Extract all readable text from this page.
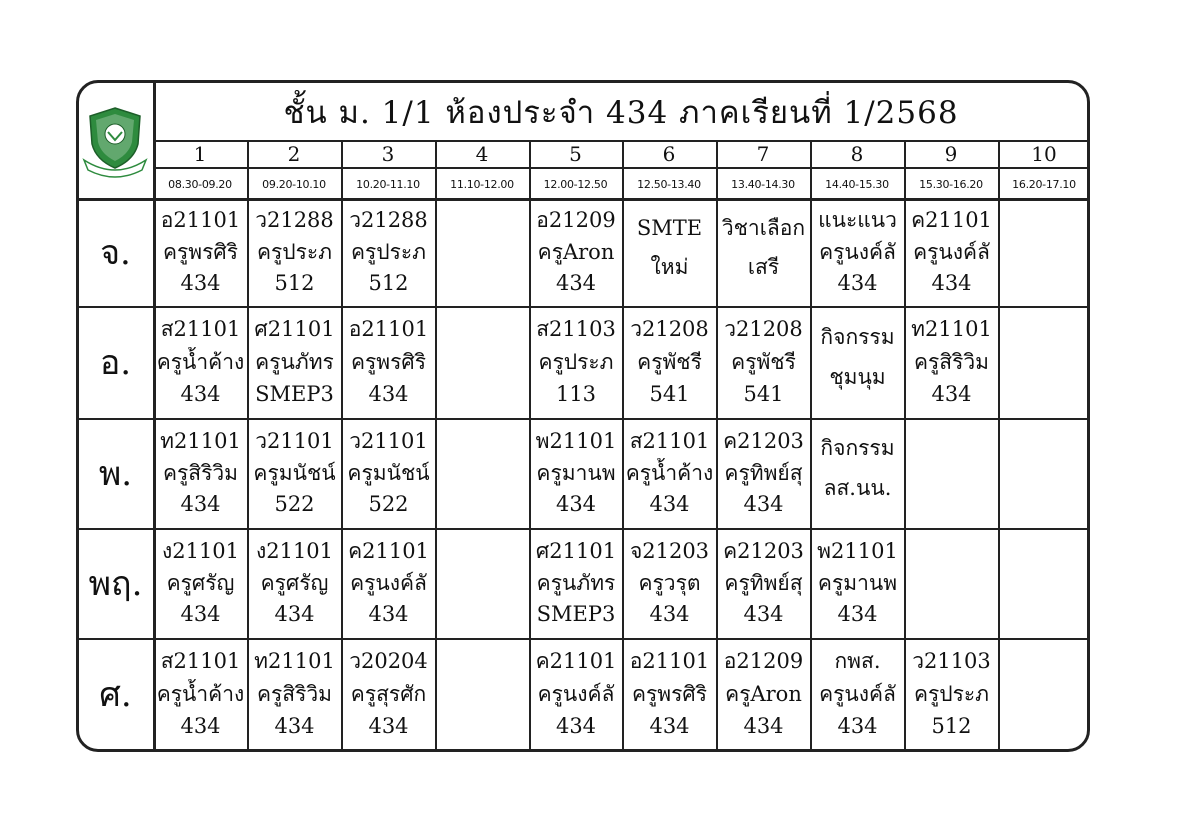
ชั้น ม. 1/1 ห้องประจำ 434 ภาคเรียนที่ 1/2568
1
08.30-09.20
2
09.20-10.10
3
10.20-11.10
4
11.10-12.00
5
12.00-12.50
6
12.50-13.40
7
13.40-14.30
8
14.40-15.30
9
15.30-16.20
10
16.20-17.10
จ.
อ21101
ครูพรศิริ
434
ว21288
ครูประภ
512
ว21288
ครูประภ
512
อ21209
ครูAron
434
SMTE
ใหม่
วิชาเลือก
เสรี
แนะแนว
ครูนงค์ลั
434
ค21101
ครูนงค์ลั
434
อ.
ส21101
ครูน้ำค้าง
434
ศ21101
ครูนภัทร
SMEP3
อ21101
ครูพรศิริ
434
ส21103
ครูประภ
113
ว21208
ครูพัชรี
541
ว21208
ครูพัชรี
541
กิจกรรม
ชุมนุม
ท21101
ครูสิริวิม
434
พ.
ท21101
ครูสิริวิม
434
ว21101
ครูมนัชน์
522
ว21101
ครูมนัชน์
522
พ21101
ครูมานพ
434
ส21101
ครูน้ำค้าง
434
ค21203
ครูทิพย์สุ
434
กิจกรรม
ลส.นน.
พฤ.
ง21101
ครูศรัญ
434
ง21101
ครูศรัญ
434
ค21101
ครูนงค์ลั
434
ศ21101
ครูนภัทร
SMEP3
จ21203
ครูวรุต
434
ค21203
ครูทิพย์สุ
434
พ21101
ครูมานพ
434
ศ.
ส21101
ครูน้ำค้าง
434
ท21101
ครูสิริวิม
434
ว20204
ครูสุรศัก
434
ค21101
ครูนงค์ลั
434
อ21101
ครูพรศิริ
434
อ21209
ครูAron
434
กพส.
ครูนงค์ลั
434
ว21103
ครูประภ
512
